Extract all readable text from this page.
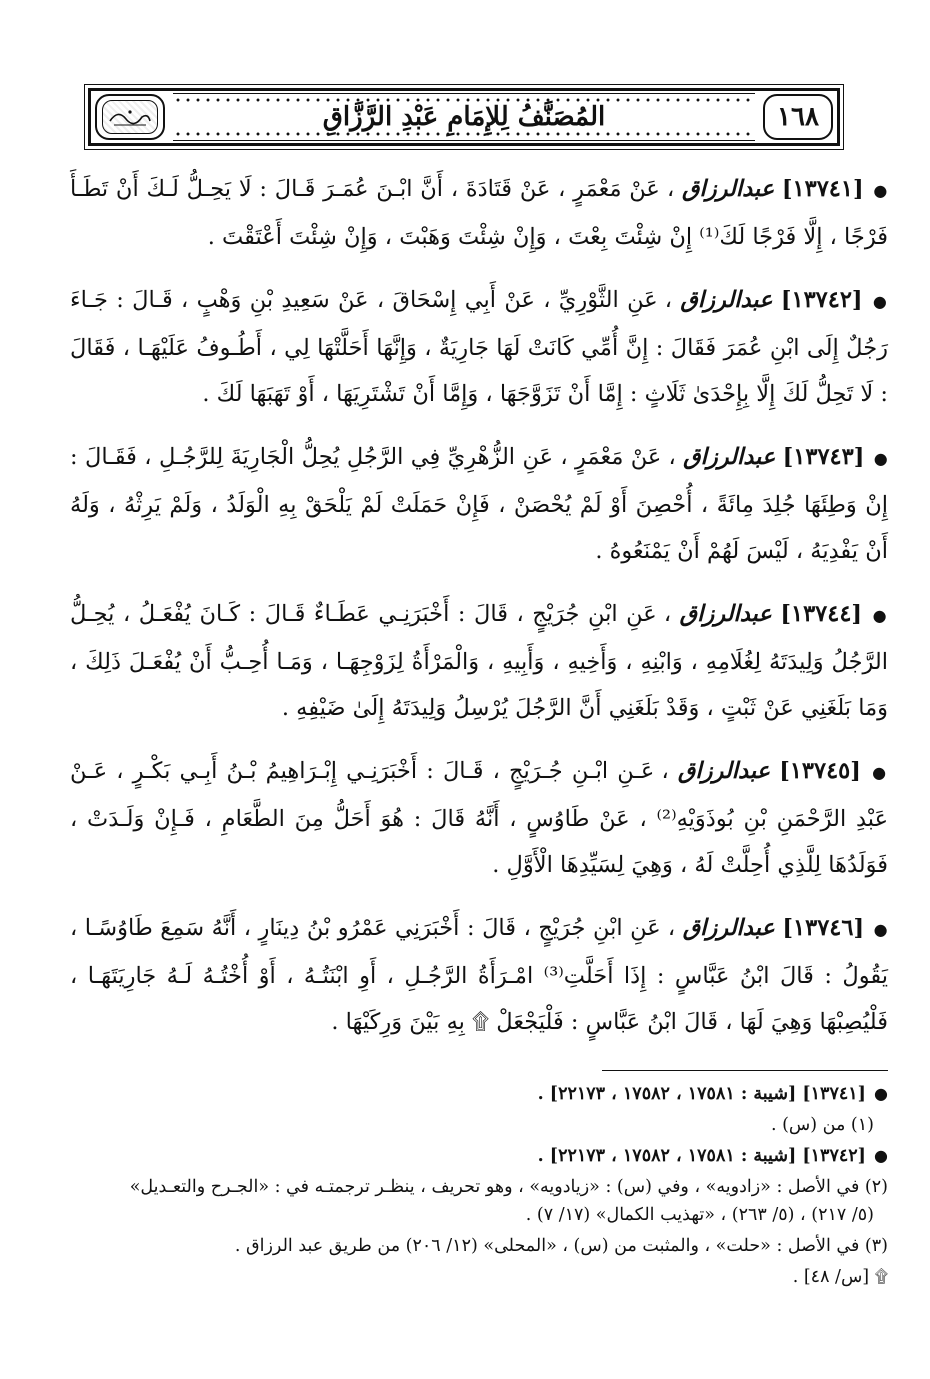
المُصَنَّفُ لِلإِمَامِ عَبْدِ الرَّزَّاقِ	١٦٨

● [١٣٧٤١] عبدالرزاق ، عَنْ مَعْمَرٍ ، عَنْ قَتَادَةَ ، أَنَّ ابْـنَ عُمَـرَ قَـالَ : لَا يَحِـلُّ لَـكَ أَنْ تَطَـأَ فَرْجًا ، إِلَّا فَرْجًا لَكَ⁽¹⁾ إِنْ شِئْتَ بِعْتَ ، وَإِنْ شِئْتَ وَهَبْتَ ، وَإِنْ شِئْتَ أَعْتَقْتَ .

● [١٣٧٤٢] عبدالرزاق ، عَنِ الثَّوْرِيِّ ، عَنْ أَبِي إِسْحَاقَ ، عَنْ سَعِيدِ بْنِ وَهْبٍ ، قَـالَ : جَـاءَ رَجُلٌ إِلَى ابْنِ عُمَرَ فَقَالَ : إِنَّ أُمِّي كَانَتْ لَهَا جَارِيَةٌ ، وَإِنَّهَا أَحَلَّتْهَا لِي ، أَطُـوفُ عَلَيْهَـا ، فَقَالَ : لَا تَحِلُّ لَكَ إِلَّا بِإِحْدَىٰ ثَلَاثٍ : إِمَّا أَنْ تَزَوَّجَهَا ، وَإِمَّا أَنْ تَشْتَرِيَهَا ، أَوْ تَهَبَهَا لَكَ .

● [١٣٧٤٣] عبدالرزاق ، عَنْ مَعْمَرٍ ، عَنِ الزُّهْرِيِّ فِي الرَّجُلِ يُحِلُّ الْجَارِيَةَ لِلرَّجُـلِ ، فَقَـالَ : إِنْ وَطِئَهَا جُلِدَ مِائَةً ، أُحْصِنَ أَوْ لَمْ يُحْصَنْ ، فَإِنْ حَمَلَتْ لَمْ يَلْحَقْ بِهِ الْوَلَدُ ، وَلَمْ يَرِثْهُ ، وَلَهُ أَنْ يَفْدِيَهُ ، لَيْسَ لَهُمْ أَنْ يَمْنَعُوهُ .

● [١٣٧٤٤] عبدالرزاق ، عَنِ ابْنِ جُرَيْجٍ ، قَالَ : أَخْبَرَنِـي عَطَـاءٌ قَـالَ : كَـانَ يُفْعَـلُ ، يُحِـلُّ الرَّجُلُ وَلِيدَتَهُ لِغُلَامِهِ ، وَابْنِهِ ، وَأَخِيهِ ، وَأَبِيهِ ، وَالْمَرْأَةُ لِزَوْجِهَـا ، وَمَـا أُحِـبُّ أَنْ يُفْعَـلَ ذَلِكَ ، وَمَا بَلَغَنِي عَنْ ثَبْتٍ ، وَقَدْ بَلَغَنِي أَنَّ الرَّجُلَ يُرْسِلُ وَلِيدَتَهُ إِلَىٰ ضَيْفِهِ .

● [١٣٧٤٥] عبدالرزاق ، عَـنِ ابْـنِ جُـرَيْجٍ ، قَـالَ : أَخْبَرَنِـي إِبْـرَاهِيمُ بْـنُ أَبِـي بَكْـرٍ ، عَـنْ عَبْدِ الرَّحْمَنِ بْنِ بُوذَوَيْهِ⁽²⁾ ، عَنْ طَاوُسٍ ، أَنَّهُ قَالَ : هُوَ أَحَلُّ مِنَ الطَّعَامِ ، فَـإِنْ وَلَـدَتْ ، فَوَلَدُهَا لِلَّذِي أُحِلَّتْ لَهُ ، وَهِيَ لِسَيِّدِهَا الْأَوَّلِ .

● [١٣٧٤٦] عبدالرزاق ، عَنِ ابْنِ جُرَيْجٍ ، قَالَ : أَخْبَرَنِي عَمْرُو بْنُ دِينَارٍ ، أَنَّهُ سَمِعَ طَاوُسًـا ، يَقُولُ : قَالَ ابْنُ عَبَّاسٍ : إِذَا أَحَلَّتِ⁽³⁾ امْـرَأَةُ الرَّجُـلِ ، أَوِ ابْنَتُـهُ ، أَوْ أُخْتُـهُ لَـهُ جَارِيَتَهَـا ، فَلْيُصِبْهَا وَهِيَ لَهَا ، قَالَ ابْنُ عَبَّاسٍ : فَلْيَجْعَلْ ۩ بِهِ بَيْنَ وَرِكَيْهَا .

● [١٣٧٤١] [شيبة : ١٧٥٨١ ، ١٧٥٨٢ ، ٢٢١٧٣] .
(١) من (س) .
● [١٣٧٤٢] [شيبة : ١٧٥٨١ ، ١٧٥٨٢ ، ٢٢١٧٣] .
(٢) في الأصل : «زادويه» ، وفي (س) : «زيادويه» ، وهو تحريف ، ينظـر ترجمتـه في : «الجـرح والتعـديل»
(٥/ ٢١٧) ، (٥/ ٢٦٣) ، «تهذيب الكمال» (١٧/ ٧) .
(٣) في الأصل : «حلت» ، والمثبت من (س) ، «المحلى» (١٢/ ٢٠٦) من طريق عبد الرزاق .
۩ [س/ ٤٨] .
